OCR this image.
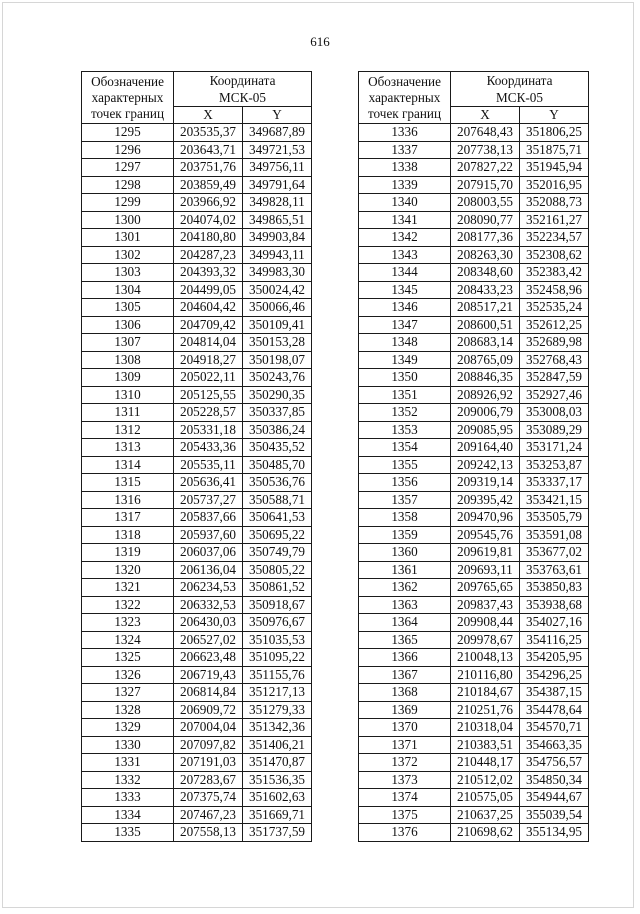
616
Обозначение
характерных
точек границ	Координата
МСК-05	
	X	Y
1295	203535,37	349687,89
1296	203643,71	349721,53
1297	203751,76	349756,11
1298	203859,49	349791,64
1299	203966,92	349828,11
1300	204074,02	349865,51
1301	204180,80	349903,84
1302	204287,23	349943,11
1303	204393,32	349983,30
1304	204499,05	350024,42
1305	204604,42	350066,46
1306	204709,42	350109,41
1307	204814,04	350153,28
1308	204918,27	350198,07
1309	205022,11	350243,76
1310	205125,55	350290,35
1311	205228,57	350337,85
1312	205331,18	350386,24
1313	205433,36	350435,52
1314	205535,11	350485,70
1315	205636,41	350536,76
1316	205737,27	350588,71
1317	205837,66	350641,53
1318	205937,60	350695,22
1319	206037,06	350749,79
1320	206136,04	350805,22
1321	206234,53	350861,52
1322	206332,53	350918,67
1323	206430,03	350976,67
1324	206527,02	351035,53
1325	206623,48	351095,22
1326	206719,43	351155,76
1327	206814,84	351217,13
1328	206909,72	351279,33
1329	207004,04	351342,36
1330	207097,82	351406,21
1331	207191,03	351470,87
1332	207283,67	351536,35
1333	207375,74	351602,63
1334	207467,23	351669,71
1335	207558,13	351737,59
Обозначение
характерных
точек границ	Координата
МСК-05	
	X	Y
1336	207648,43	351806,25
1337	207738,13	351875,71
1338	207827,22	351945,94
1339	207915,70	352016,95
1340	208003,55	352088,73
1341	208090,77	352161,27
1342	208177,36	352234,57
1343	208263,30	352308,62
1344	208348,60	352383,42
1345	208433,23	352458,96
1346	208517,21	352535,24
1347	208600,51	352612,25
1348	208683,14	352689,98
1349	208765,09	352768,43
1350	208846,35	352847,59
1351	208926,92	352927,46
1352	209006,79	353008,03
1353	209085,95	353089,29
1354	209164,40	353171,24
1355	209242,13	353253,87
1356	209319,14	353337,17
1357	209395,42	353421,15
1358	209470,96	353505,79
1359	209545,76	353591,08
1360	209619,81	353677,02
1361	209693,11	353763,61
1362	209765,65	353850,83
1363	209837,43	353938,68
1364	209908,44	354027,16
1365	209978,67	354116,25
1366	210048,13	354205,95
1367	210116,80	354296,25
1368	210184,67	354387,15
1369	210251,76	354478,64
1370	210318,04	354570,71
1371	210383,51	354663,35
1372	210448,17	354756,57
1373	210512,02	354850,34
1374	210575,05	354944,67
1375	210637,25	355039,54
1376	210698,62	355134,95
